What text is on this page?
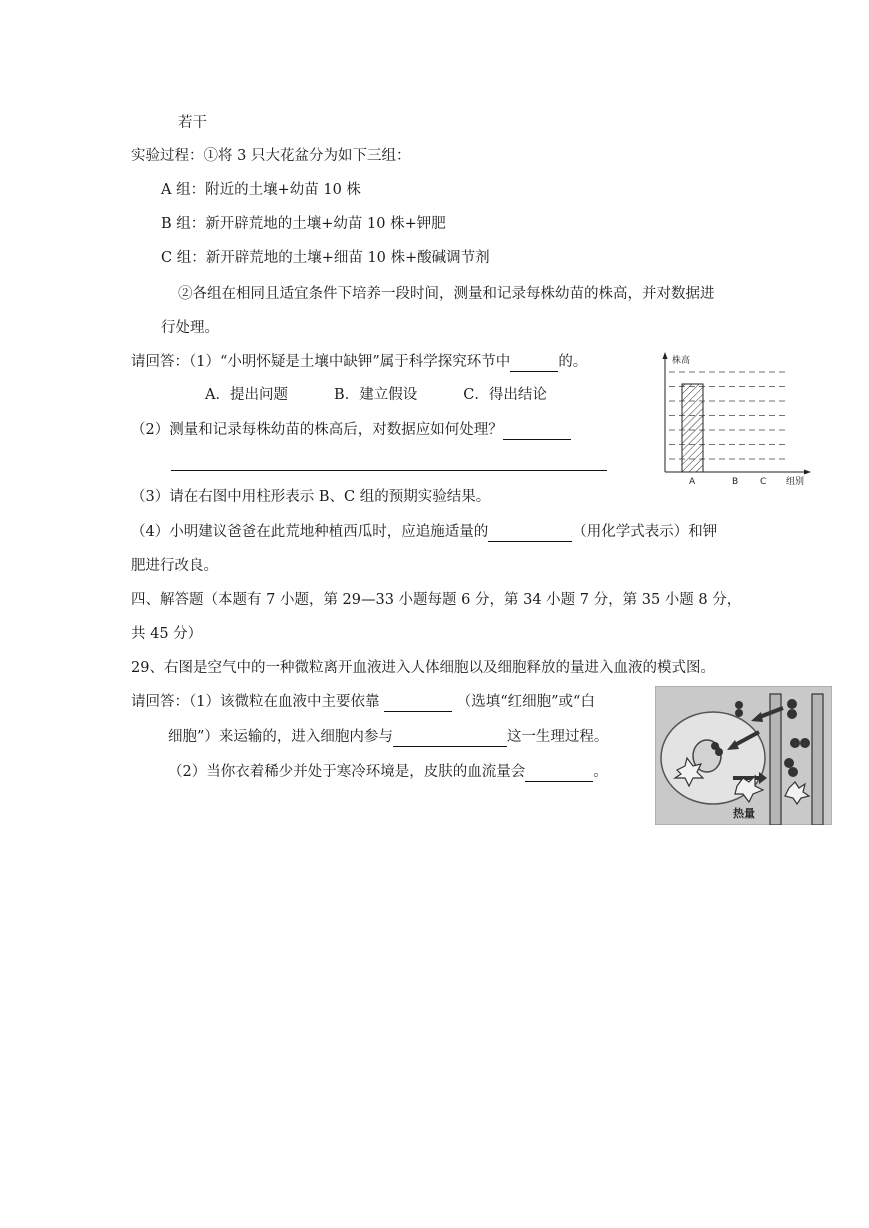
若干
实验过程：①将 3 只大花盆分为如下三组：
A 组：附近的土壤+幼苗 10 株
B 组：新开辟荒地的土壤+幼苗 10 株+钾肥
C 组：新开辟荒地的土壤+细苗 10 株+酸碱调节剂
②各组在相同且适宜条件下培养一段时间，测量和记录每株幼苗的株高，并对数据进
行处理。
请回答：（1）“小明怀疑是土壤中缺钾”属于科学探究环节中	的。
A．提出问题          B．建立假设          C．得出结论
（2）测量和记录每株幼苗的株高后，对数据应如何处理？
（3）请在右图中用柱形表示 B、C 组的预期实验结果。
（4）小明建议爸爸在此荒地种植西瓜时，应追施适量的	（用化学式表示）和钾
肥进行改良。
四、解答题（本题有 7 小题，第 29—33 小题每题 6 分，第 34 小题 7 分，第 35 小题 8 分，
共 45 分）
29、右图是空气中的一种微粒离开血液进入人体细胞以及细胞释放的量进入血液的模式图。
请回答：（1）该微粒在血液中主要依靠	（选填“红细胞”或“白
细胞”）来运输的，进入细胞内参与	这一生理过程。
（2）当你衣着稀少并处于寒冷环境是，皮肤的血流量会	。
株高
组别
A	B C
热量
